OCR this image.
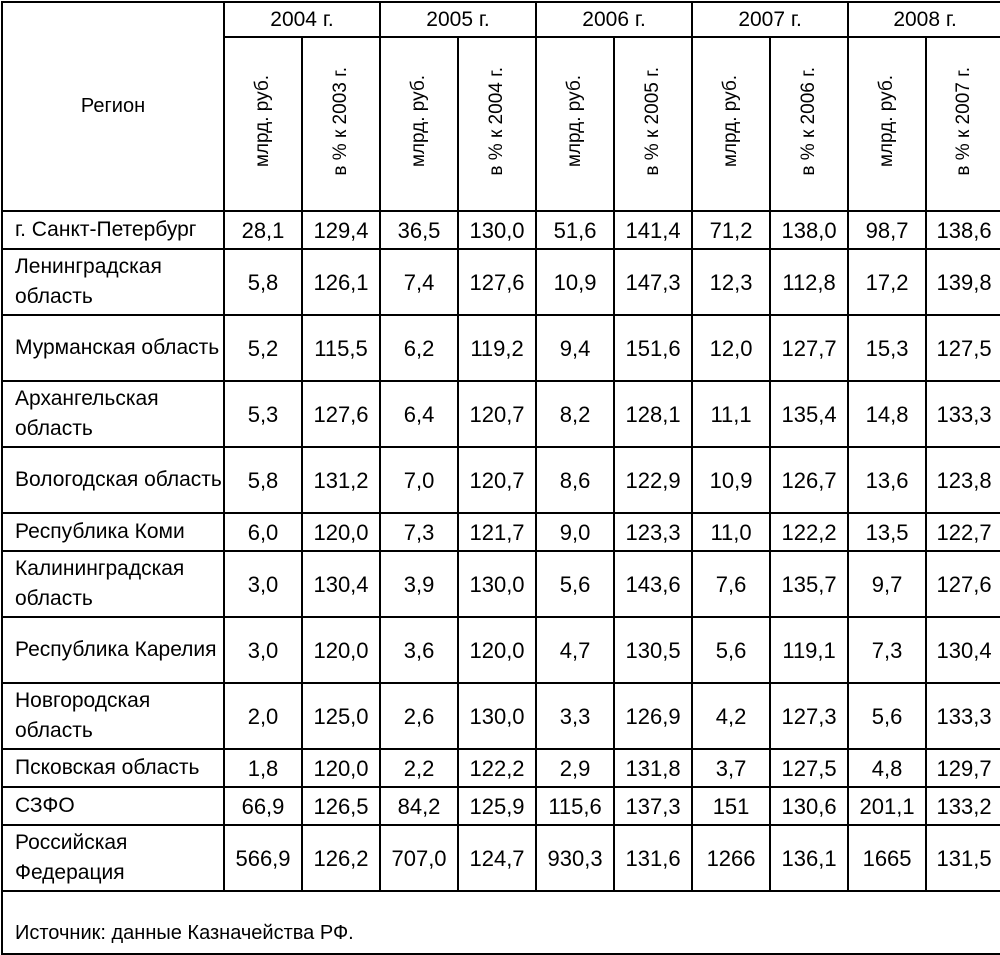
Регион	2004 г.		2005 г.		2006 г.		2007 г.		2008 г.	
	млрд. руб.	в % к 2003 г.	млрд. руб.	в % к 2004 г.	млрд. руб.	в % к 2005 г.	млрд. руб.	в % к 2006 г.	млрд. руб.	в % к 2007 г.
г. Санкт-Петербург	28,1	129,4	36,5	130,0	51,6	141,4	71,2	138,0	98,7	138,6
Ленинградская область	5,8	126,1	7,4	127,6	10,9	147,3	12,3	112,8	17,2	139,8
Мурманская область	5,2	115,5	6,2	119,2	9,4	151,6	12,0	127,7	15,3	127,5
Архангельская область	5,3	127,6	6,4	120,7	8,2	128,1	11,1	135,4	14,8	133,3
Вологодская область	5,8	131,2	7,0	120,7	8,6	122,9	10,9	126,7	13,6	123,8
Республика Коми	6,0	120,0	7,3	121,7	9,0	123,3	11,0	122,2	13,5	122,7
Калининградская область	3,0	130,4	3,9	130,0	5,6	143,6	7,6	135,7	9,7	127,6
Республика Карелия	3,0	120,0	3,6	120,0	4,7	130,5	5,6	119,1	7,3	130,4
Новгородская область	2,0	125,0	2,6	130,0	3,3	126,9	4,2	127,3	5,6	133,3
Псковская область	1,8	120,0	2,2	122,2	2,9	131,8	3,7	127,5	4,8	129,7
СЗФО	66,9	126,5	84,2	125,9	115,6	137,3	151	130,6	201,1	133,2
Российская Федерация	566,9	126,2	707,0	124,7	930,3	131,6	1266	136,1	1665	131,5
Источник: данные Казначейства РФ.										
